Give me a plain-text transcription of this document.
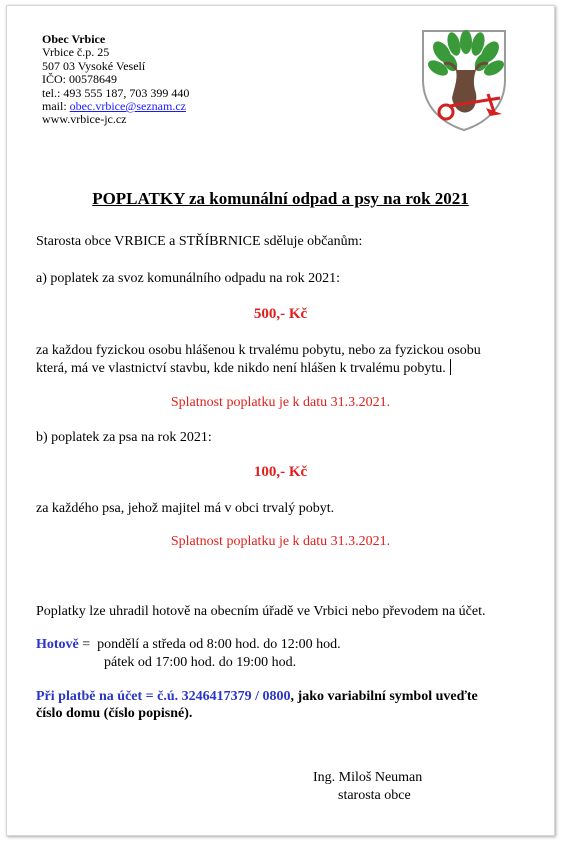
Obec Vrbice
Vrbice č.p. 25
507 03 Vysoké Veselí
IČO: 00578649
tel.: 493 555 187, 703 399 440
mail: obec.vrbice@seznam.cz
www.vrbice-jc.cz
POPLATKY za komunální odpad a psy na rok 2021
Starosta obce VRBICE a STŘÍBRNICE sděluje občanům:
a) poplatek za svoz komunálního odpadu na rok 2021:
500,- Kč
za každou fyzickou osobu hlášenou k trvalému pobytu, nebo za fyzickou osobu
která, má ve vlastnictví stavbu, kde nikdo není hlášen k trvalému pobytu.
Splatnost poplatku je k datu 31.3.2021.
b) poplatek za psa na rok 2021:
100,- Kč
za každého psa, jehož majitel má v obci trvalý pobyt.
Splatnost poplatku je k datu 31.3.2021.
Poplatky lze uhradil hotově na obecním úřadě ve Vrbici nebo převodem na účet.
Hotově =  pondělí a středa od 8:00 hod. do 12:00 hod.
pátek od 17:00 hod. do 19:00 hod.
Při platbě na účet = č.ú. 3246417379 / 0800, jako variabilní symbol uveďte
číslo domu (číslo popisné).
Ing. Miloš Neuman
starosta obce
